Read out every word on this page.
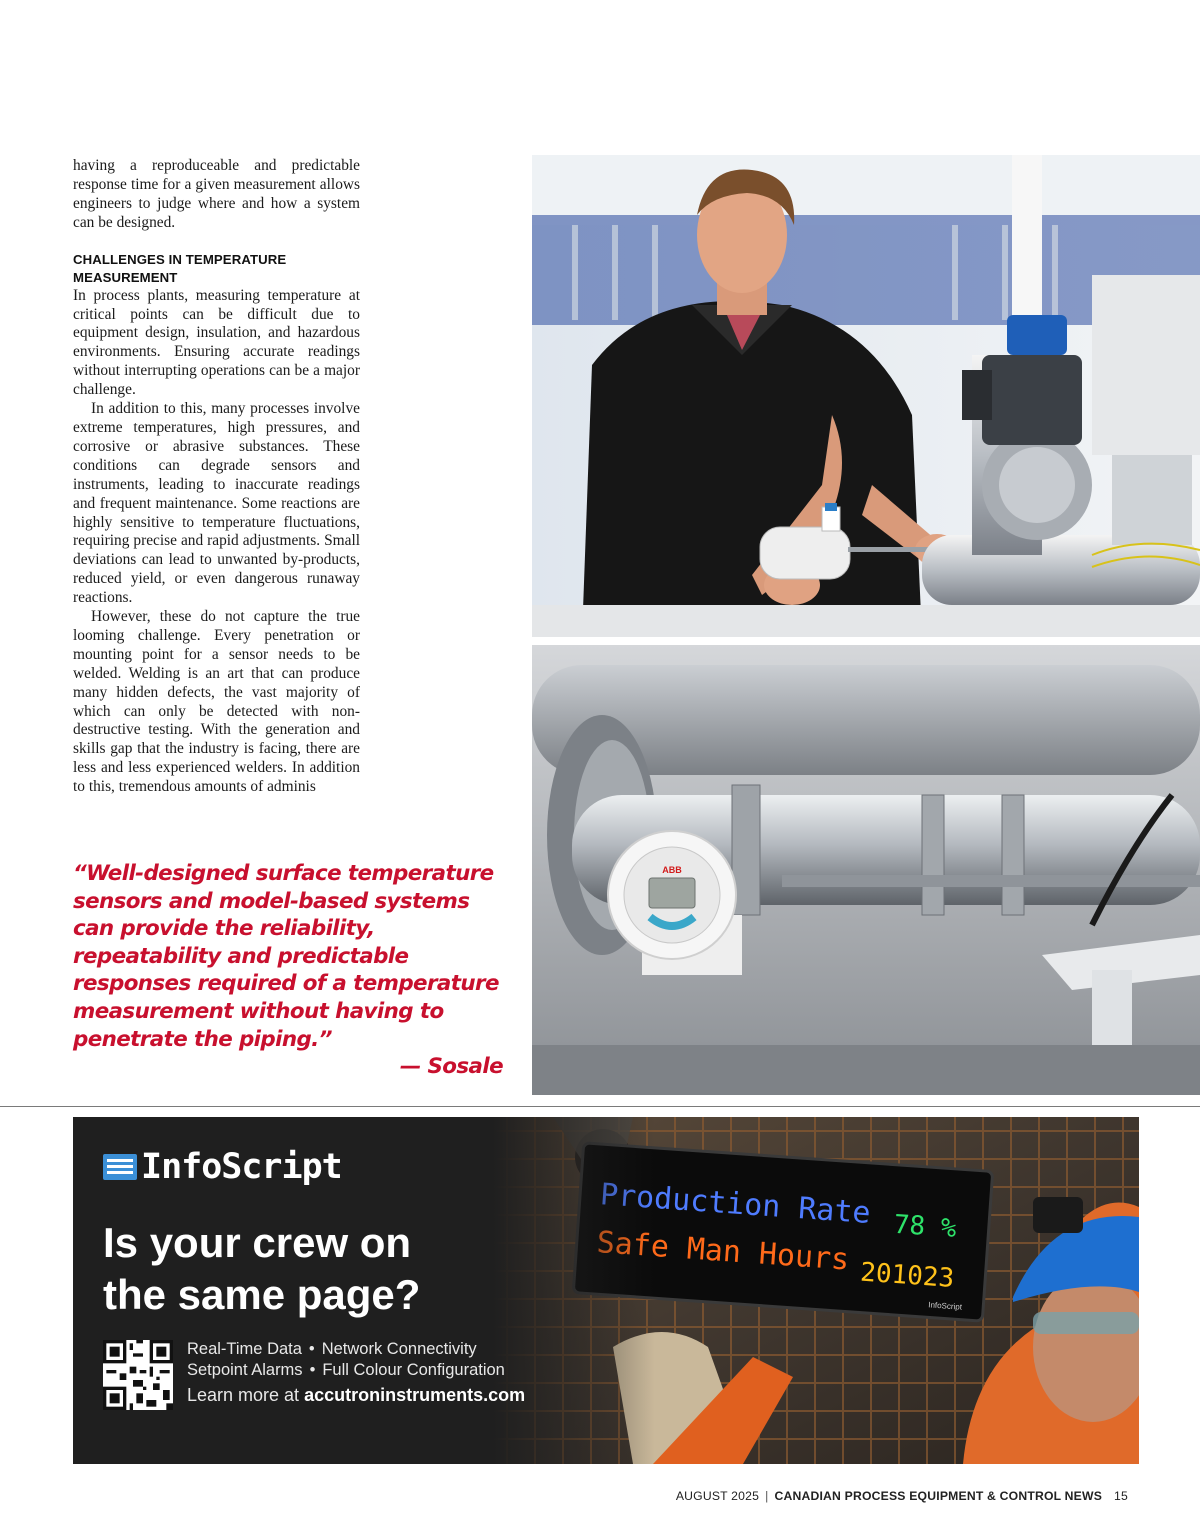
having a reproduceable and predictable response time for a given measurement allows engineers to judge where and how a system can be designed.

CHALLENGES IN TEMPERATURE
MEASUREMENT

In process plants, measuring temperature at critical points can be difficult due to equipment design, insulation, and hazardous environments. Ensuring accurate readings without interrupting operations can be a major challenge.

In addition to this, many processes involve extreme temperatures, high pressures, and corrosive or abrasive substances. These conditions can degrade sensors and instruments, leading to inaccurate readings and frequent maintenance. Some reactions are highly sensitive to temperature fluctuations, requiring precise and rapid adjustments. Small deviations can lead to unwanted by-products, reduced yield, or even dangerous runaway reactions.

However, these do not capture the true looming challenge. Every penetration or mounting point for a sensor needs to be welded. Welding is an art that can produce many hidden defects, the vast majority of which can only be detected with non-destructive testing. With the generation and skills gap that the industry is facing, there are less and less experienced welders. In addition to this, tremendous amounts of adminis

“Well-designed surface temperature sensors and model-based systems can provide the reliability, repeatability and predictable responses required of a temperature measurement without having to penetrate the piping.”
— Sosale
ABB
InfoScript
Is your crew on the same page?
Real-Time Data • Network Connectivity
Setpoint Alarms • Full Colour Configuration
Learn more at accutroninstruments.com
AUGUST 2025 | CANADIAN PROCESS EQUIPMENT & CONTROL NEWS 15
